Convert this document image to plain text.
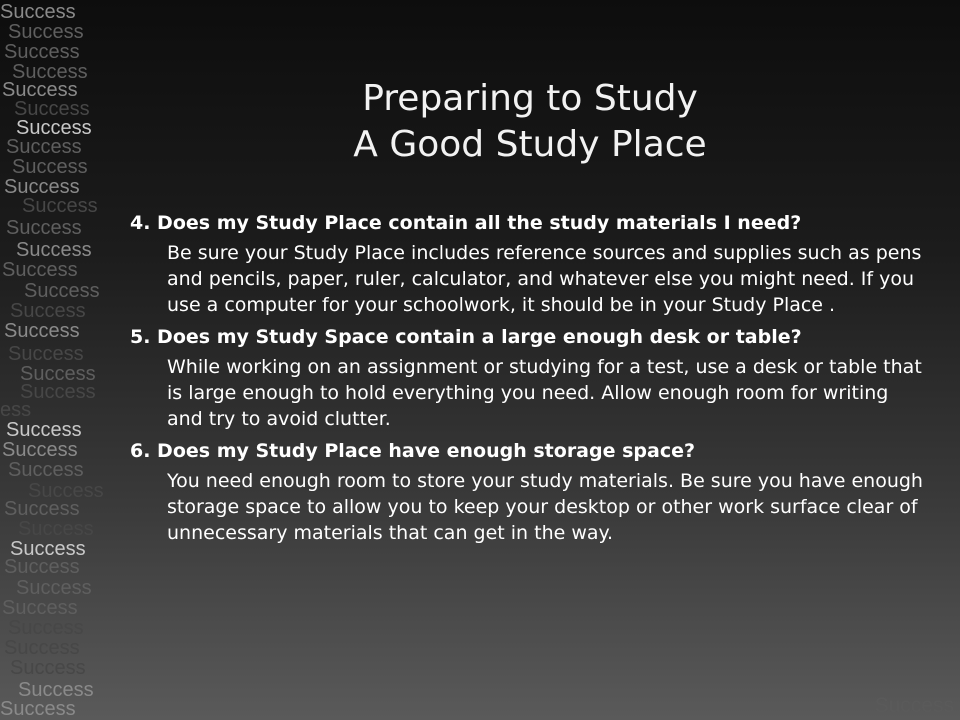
Success
Success
Success
Success
Success
Success
Success
Success
Success
Success
Success
Success
Success
Success
Success
Success
Success
Success
Success
Success
ess
Success
Success
Success
Success
Success
Success
Success
Success
Success
Success
Success
Success
Success
Success
Success	Success
Preparing to Study
A Good Study Place

4. Does my Study Place contain all the study materials I need?

Be sure your Study Place includes reference sources and supplies such as pens and pencils, paper, ruler, calculator, and whatever else you might need. If you use a computer for your schoolwork, it should be in your Study Place .

5. Does my Study Space contain a large enough desk or table?

While working on an assignment or studying for a test, use a desk or table that is large enough to hold everything you need. Allow enough room for writing and try to avoid clutter.

6. Does my Study Place have enough storage space?

You need enough room to store your study materials. Be sure you have enough storage space to allow you to keep your desktop or other work surface clear of unnecessary materials that can get in the way.
